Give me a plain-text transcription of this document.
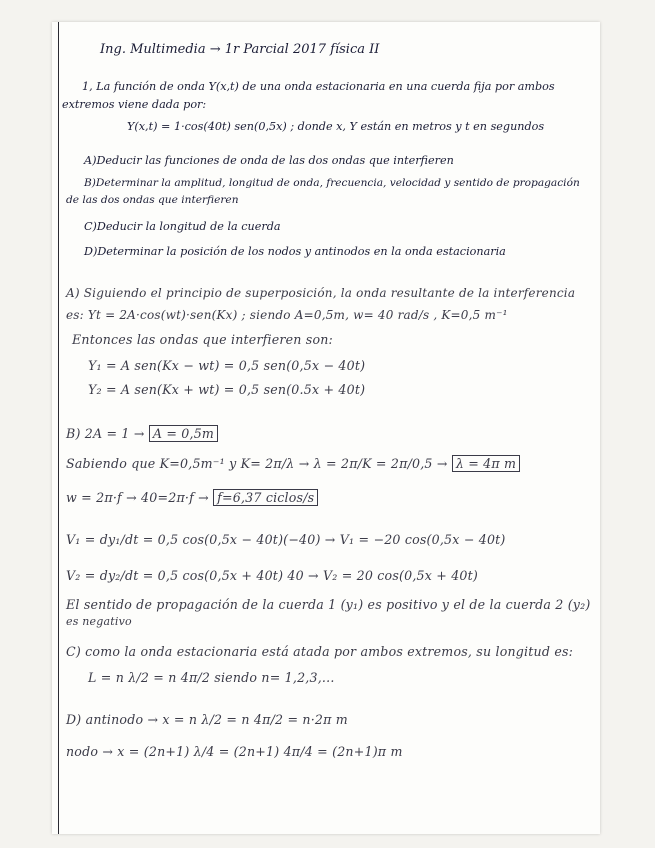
Ing. Multimedia → 1r Parcial 2017 física II
1, La función de onda Y(x,t) de una onda estacionaria en una cuerda fija por ambos
extremos viene dada por:
Y(x,t) = 1·cos(40t) sen(0,5x) ; donde x, Y están en metros y t en segundos
A)Deducir las funciones de onda de las dos ondas que interfieren
B)Determinar la amplitud, longitud de onda, frecuencia, velocidad y sentido de propagación
de las dos ondas que interfieren
C)Deducir la longitud de la cuerda
D)Determinar la posición de los nodos y antinodos en la onda estacionaria
A) Siguiendo el principio de superposición, la onda resultante de la interferencia
es: Yt = 2A·cos(wt)·sen(Kx) ; siendo A=0,5m, w= 40 rad/s , K=0,5 m⁻¹
Entonces las ondas que interfieren son:
Y₁ = A sen(Kx − wt) = 0,5 sen(0,5x − 40t)
Y₂ = A sen(Kx + wt) = 0,5 sen(0.5x + 40t)
B) 2A = 1 → A = 0,5m
Sabiendo que K=0,5m⁻¹ y K= 2π/λ → λ = 2π/K = 2π/0,5 → λ = 4π m
w = 2π·f → 40=2π·f → f=6,37 ciclos/s
V₁ = dy₁/dt = 0,5 cos(0,5x − 40t)(−40) → V₁ = −20 cos(0,5x − 40t)
V₂ = dy₂/dt = 0,5 cos(0,5x + 40t) 40 → V₂ = 20 cos(0,5x + 40t)
El sentido de propagación de la cuerda 1 (y₁) es positivo y el de la cuerda 2 (y₂)
es negativo
C) como la onda estacionaria está atada por ambos extremos, su longitud es:
L = n λ/2 = n 4π/2 siendo n= 1,2,3,...
D) antinodo → x = n λ/2 = n 4π/2 = n·2π m
nodo → x = (2n+1) λ/4 = (2n+1) 4π/4 = (2n+1)π m
